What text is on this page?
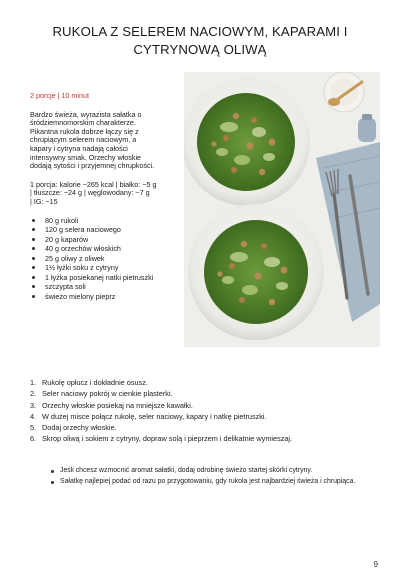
RUKOLA Z SELEREM NACIOWYM, KAPARAMI I CYTRYNOWĄ OLIWĄ
2 porcje | 10 minut

Bardzo świeża, wyrazista sałatka o

śródziemnomorskim charakterze.

Pikantna rukola dobrze łączy się z

chrupiącym selerem naciowym, a

kapary i cytryna nadają całości

intensywny smak. Orzechy włoskie

dodają sytości i przyjemnej chrupkości.

1 porcja: kalorie ~265 kcal | białko: ~5 g

| tłuszcze: ~24 g | węglowodany: ~7 g

| IG: ~15

80 g rukoli
120 g selera naciowego
20 g kaparów
40 g orzechów włoskich
25 g oliwy z oliwek
1½ łyżki soku z cytryny
1 łyżka posiekanej natki pietruszki
szczypta soli
świeżo mielony pieprz
1. Rukolę opłucz i dokładnie osusz.
2. Seler naciowy pokrój w cienkie plasterki.
3. Orzechy włoskie posiekaj na mniejsze kawałki.
4. W dużej misce połącz rukolę, seler naciowy, kapary i natkę pietruszki.
5. Dodaj orzechy włoskie.
6. Skrop oliwą i sokiem z cytryny, dopraw solą i pieprzem i delikatnie wymieszaj.
Jeśli chcesz wzmocnić aromat sałatki, dodaj odrobinę świeżo startej skórki cytryny.
Sałatkę najlepiej podać od razu po przygotowaniu, gdy rukola jest najbardziej świeża i chrupiąca.
9
